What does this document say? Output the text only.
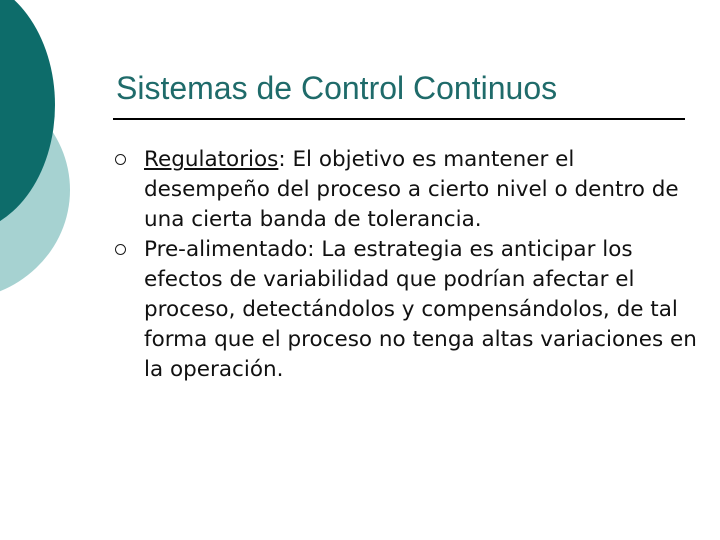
Sistemas de Control Continuos
Regulatorios: El objetivo es mantener el desempeño del proceso a cierto nivel o dentro de una cierta banda de tolerancia.
Pre-alimentado: La estrategia es anticipar los efectos de variabilidad que podrían afectar el proceso, detectándolos y compensándolos, de tal forma que el proceso no tenga altas variaciones en la operación.
